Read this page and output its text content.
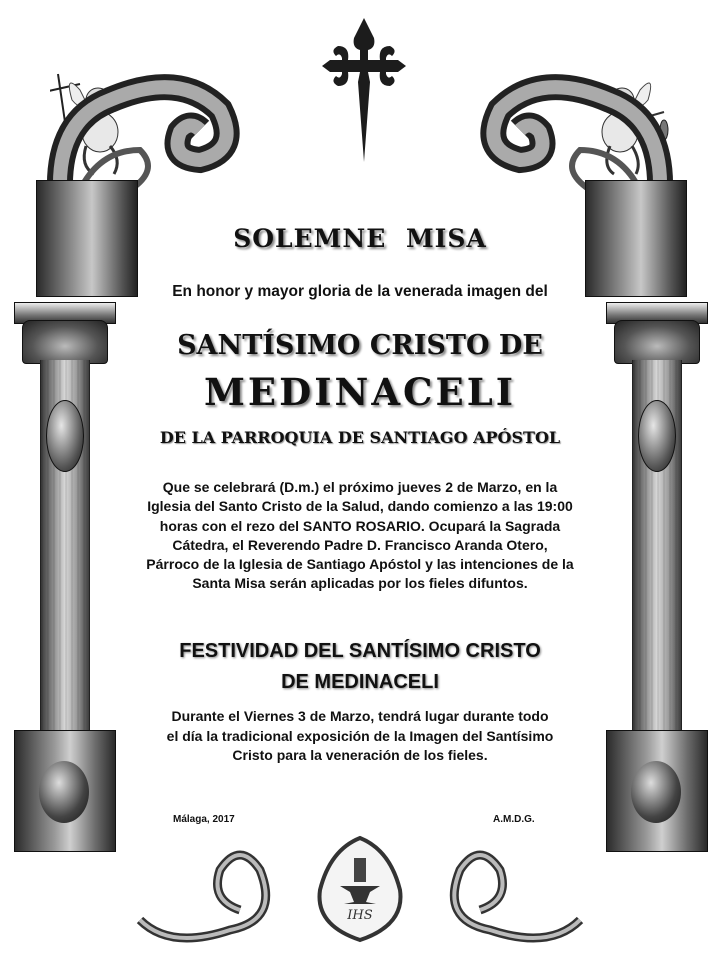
IHS
SOLEMNE MISA
En honor y mayor gloria de la venerada imagen del
SANTÍSIMO CRISTO DE
MEDINACELI
DE LA PARROQUIA DE SANTIAGO APÓSTOL
Que se celebrará (D.m.) el próximo jueves 2 de Marzo, en la
Iglesia del Santo Cristo de la Salud, dando comienzo a las 19:00
horas con el rezo del SANTO ROSARIO. Ocupará la Sagrada
Cátedra, el Reverendo Padre D. Francisco Aranda Otero,
Párroco de la Iglesia de Santiago Apóstol y las intenciones de la
Santa Misa serán aplicadas por los fieles difuntos.
FESTIVIDAD DEL SANTÍSIMO CRISTO
DE MEDINACELI
Durante el Viernes 3 de Marzo, tendrá lugar durante todo
el día la tradicional exposición de la Imagen del Santísimo
Cristo para la veneración de los fieles.
Málaga, 2017	A.M.D.G.
